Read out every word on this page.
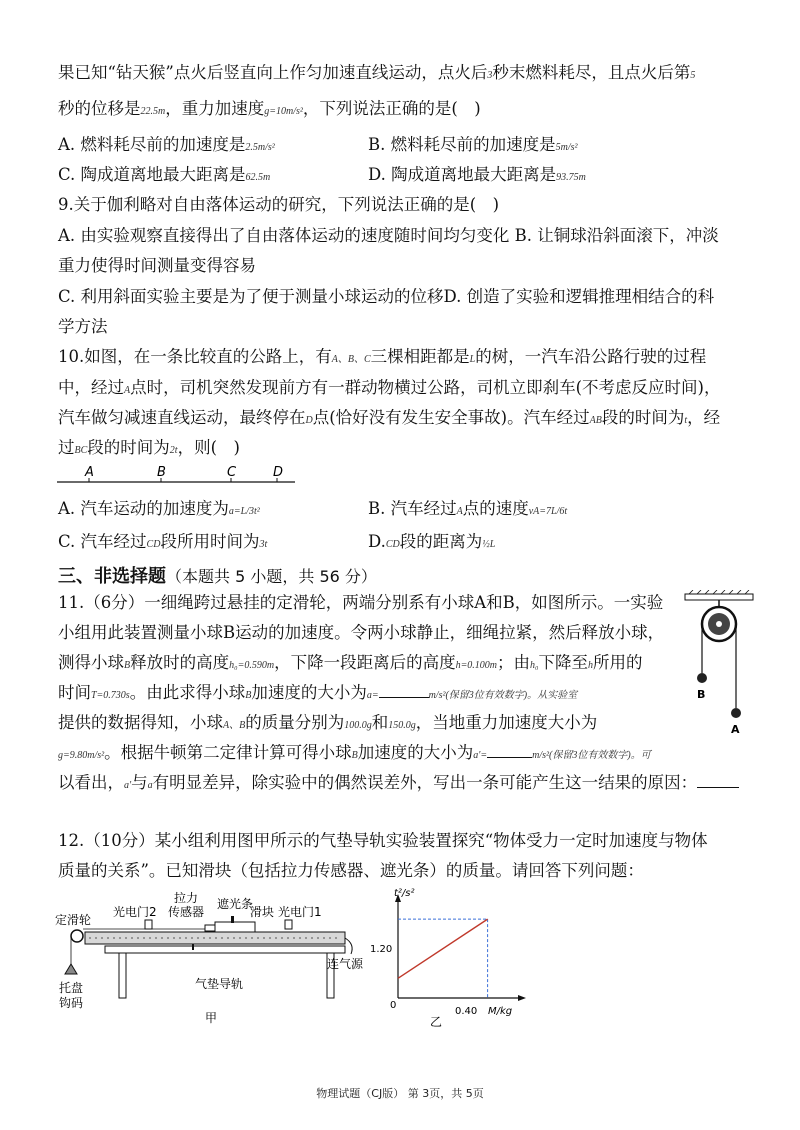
果已知“钻天猴”点火后竖直向上作匀加速直线运动，点火后3秒末燃料耗尽，且点火后第5
秒的位移是22.5m，重力加速度g=10m/s²，下列说法正确的是(　)
A. 燃料耗尽前的加速度是2.5m/s²	B. 燃料耗尽前的加速度是5m/s²
C. 陶成道离地最大距离是62.5m	D. 陶成道离地最大距离是93.75m
9.关于伽利略对自由落体运动的研究，下列说法正确的是(　)
A. 由实验观察直接得出了自由落体运动的速度随时间均匀变化 B. 让铜球沿斜面滚下，冲淡
重力使得时间测量变得容易
C. 利用斜面实验主要是为了便于测量小球运动的位移D. 创造了实验和逻辑推理相结合的科
学方法
10.如图，在一条比较直的公路上，有A、B、C三棵相距都是L的树，一汽车沿公路行驶的过程
中，经过A点时，司机突然发现前方有一群动物横过公路，司机立即刹车(不考虑反应时间)，
汽车做匀减速直线运动，最终停在D点(恰好没有发生安全事故)。汽车经过AB段的时间为t，经
过BC段的时间为2t，则(　)
A	B	C	D
A. 汽车运动的加速度为a=L/3t²	B. 汽车经过A点的速度vA=7L/6t
C. 汽车经过CD段所用时间为3t	D.CD段的距离为½L
三、非选择题（本题共 5 小题，共 56 分）
11.（6分）一细绳跨过悬挂的定滑轮，两端分别系有小球A和B，如图所示。一实验
小组用此装置测量小球B运动的加速度。令两小球静止，细绳拉紧，然后释放小球，
测得小球B释放时的高度h₀=0.590m，下降一段距离后的高度h=0.100m；由h₀下降至h所用的
时间T=0.730s。由此求得小球B加速度的大小为a=	m/s²(保留3位有效数字)。从实验室
提供的数据得知，小球A、B的质量分别为100.0g和150.0g，当地重力加速度大小为
g=9.80m/s²。根据牛顿第二定律计算可得小球B加速度的大小为a'=	m/s²(保留3位有效数字)。可
以看出，a'与a有明显差异，除实验中的偶然误差外，写出一条可能产生这一结果的原因：
B
A
12.（10分）某小组利用图甲所示的气垫导轨实验装置探究“物体受力一定时加速度与物体
质量的关系”。已知滑块（包括拉力传感器、遮光条）的质量。请回答下列问题：
定滑轮
光电门2
拉力
传感器
遮光条
滑块 光电门1
托盘
钩码
连气源
气垫导轨
甲
t²/s²
M/kg
1.20
0.40
0
乙
物理试题（CJ版） 第 3页，共 5页
